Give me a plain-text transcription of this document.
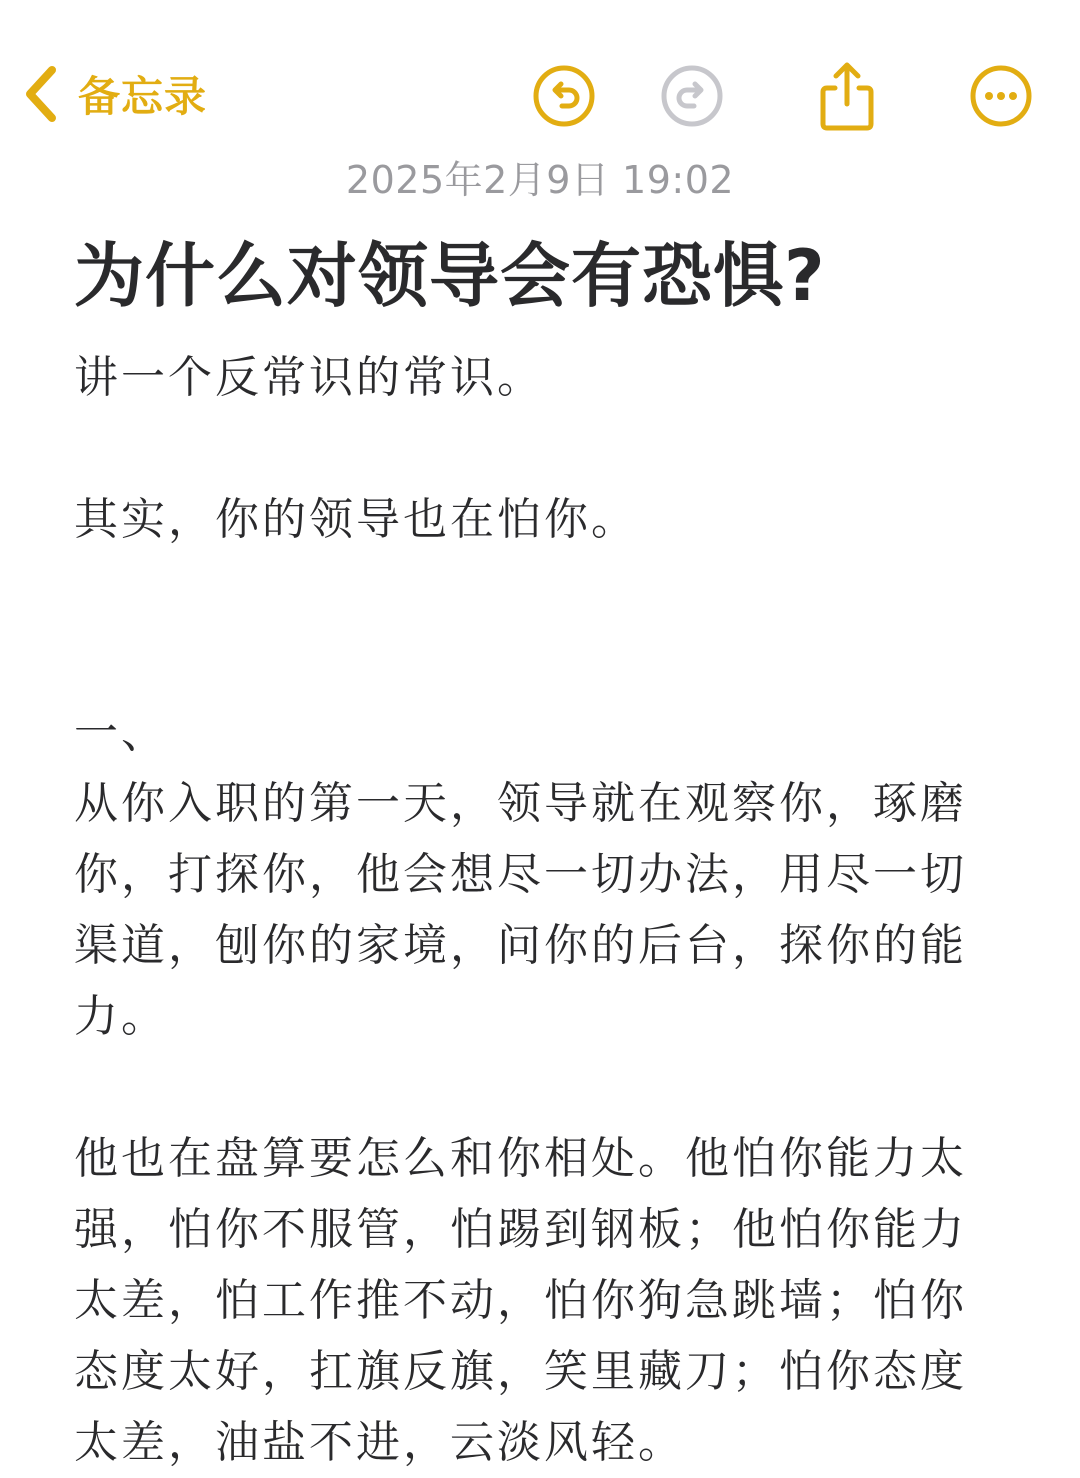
备忘录
2025年2月9日 19:02
为什么对领导会有恐惧?

讲一个反常识的常识。

其实，你的领导也在怕你。

一、

从你入职的第一天，领导就在观察你，琢磨你，打探你，他会想尽一切办法，用尽一切渠道，刨你的家境，问你的后台，探你的能力。

他也在盘算要怎么和你相处。他怕你能力太强，怕你不服管，怕踢到钢板；他怕你能力太差，怕工作推不动，怕你狗急跳墙；怕你态度太好，扛旗反旗，笑里藏刀；怕你态度太差，油盐不进，云淡风轻。
